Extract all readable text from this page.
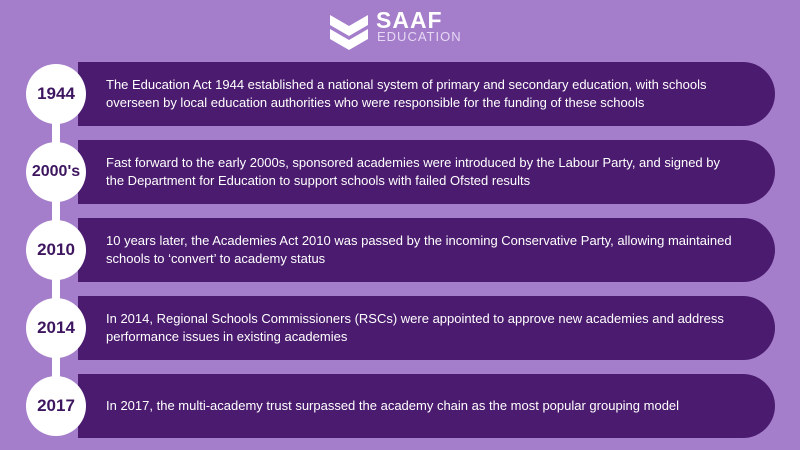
SAAF
EDUCATION
The Education Act 1944 established a national system of primary and secondary education, with schools overseen by local education authorities who were responsible for the funding of these schools
1944
Fast forward to the early 2000s, sponsored academies were introduced by the Labour Party, and signed by the Department for Education to support schools with failed Ofsted results
2000's
10 years later, the Academies Act 2010 was passed by the incoming Conservative Party, allowing maintained schools to ‘convert’ to academy status
2010
In 2014, Regional Schools Commissioners (RSCs) were appointed to approve new academies and address performance issues in existing academies
2014
In 2017, the multi-academy trust surpassed the academy chain as the most popular grouping model
2017
